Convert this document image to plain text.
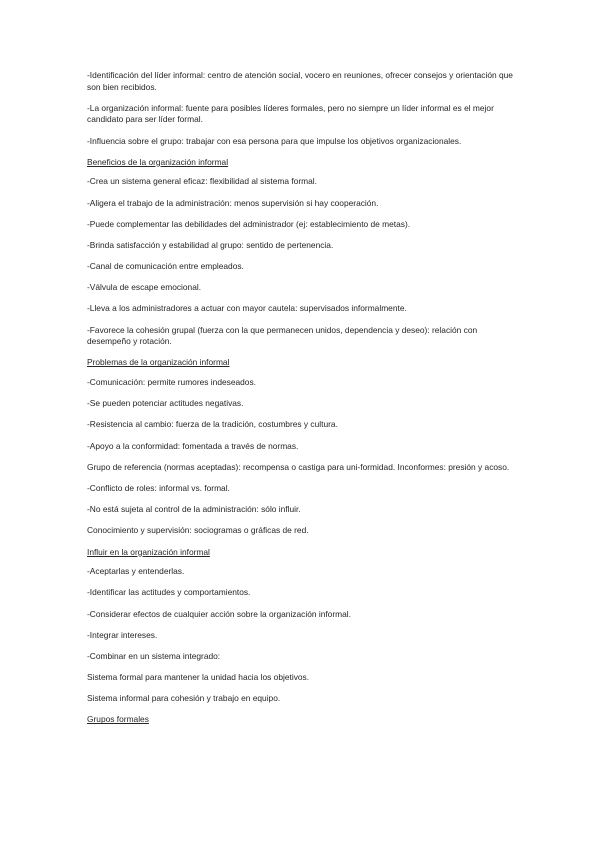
-Identificación del líder informal: centro de atención social, vocero en reuniones, ofrecer consejos y orientación que son bien recibidos.

-La organización informal: fuente para posibles líderes formales, pero no siempre un líder informal es el mejor candidato para ser líder formal.

-Influencia sobre el grupo: trabajar con esa persona para que impulse los objetivos organizacionales.

Beneficios de la organización informal

-Crea un sistema general eficaz: flexibilidad al sistema formal.

-Aligera el trabajo de la administración: menos supervisión si hay cooperación.

-Puede complementar las debilidades del administrador (ej: establecimiento de metas).

-Brinda satisfacción y estabilidad al grupo: sentido de pertenencia.

-Canal de comunicación entre empleados.

-Válvula de escape emocional.

-Lleva a los administradores a actuar con mayor cautela: supervisados informalmente.

-Favorece la cohesión grupal (fuerza con la que permanecen unidos, dependencia y deseo): relación con desempeño y rotación.

Problemas de la organización informal

-Comunicación: permite rumores indeseados.

-Se pueden potenciar actitudes negativas.

-Resistencia al cambio: fuerza de la tradición, costumbres y cultura.

-Apoyo a la conformidad: fomentada a través de normas.

Grupo de referencia (normas aceptadas): recompensa o castiga para uni-formidad. Inconformes: presión y acoso.

-Conflicto de roles: informal vs. formal.

-No está sujeta al control de la administración: sólo influir.

Conocimiento y supervisión: sociogramas o gráficas de red.

Influir en la organización informal

-Aceptarlas y entenderlas.

-Identificar las actitudes y comportamientos.

-Considerar efectos de cualquier acción sobre la organización informal.

-Integrar intereses.

-Combinar en un sistema integrado:

Sistema formal para mantener la unidad hacia los objetivos.

Sistema informal para cohesión y trabajo en equipo.

Grupos formales
